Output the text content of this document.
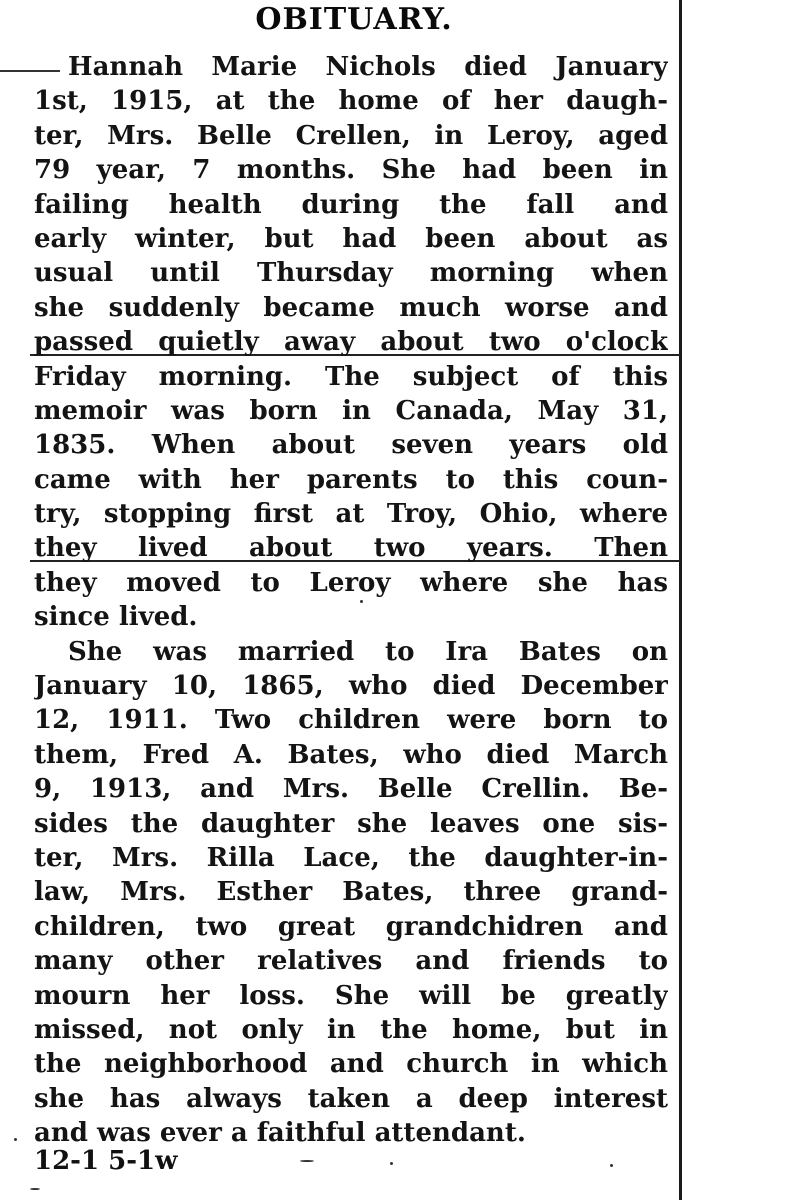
OBITUARY.
Hannah Marie Nichols died January
1st, 1915, at the home of her daugh-
ter, Mrs. Belle Crellen, in Leroy, aged
79 year, 7 months. She had been in
failing health during the fall and
early winter, but had been about as
usual until Thursday morning when
she suddenly became much worse and
passed quietly away about two o'clock
Friday morning. The subject of this
memoir was born in Canada, May 31,
1835. When about seven years old
came with her parents to this coun-
try, stopping first at Troy, Ohio, where
they lived about two years. Then
they moved to Leroy where she has
since lived.
She was married to Ira Bates on
January 10, 1865, who died December
12, 1911. Two children were born to
them, Fred A. Bates, who died March
9, 1913, and Mrs. Belle Crellin. Be-
sides the daughter she leaves one sis-
ter, Mrs. Rilla Lace, the daughter-in-
law, Mrs. Esther Bates, three grand-
children, two great grandchidren and
many other relatives and friends to
mourn her loss. She will be greatly
missed, not only in the home, but in
the neighborhood and church in which
she has always taken a deep interest
and was ever a faithful attendant.
12-1 5-1w
